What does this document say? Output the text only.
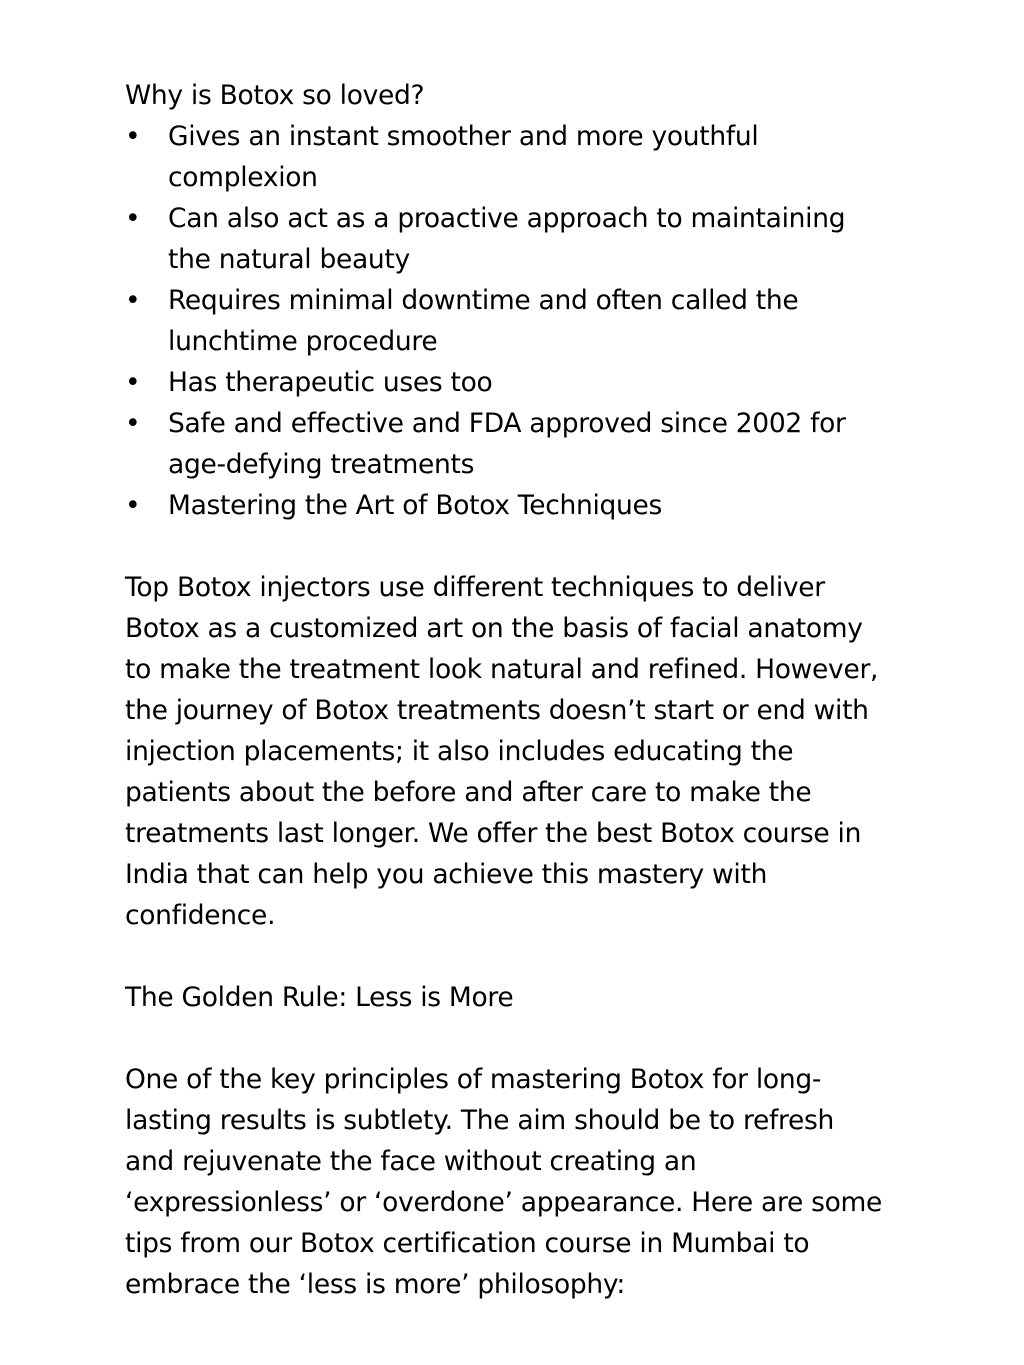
Why is Botox so loved?

• Gives an instant smoother and more youthful complexion
• Can also act as a proactive approach to maintaining the natural beauty
• Requires minimal downtime and often called the lunchtime procedure
• Has therapeutic uses too
• Safe and effective and FDA approved since 2002 for age-defying treatments
• Mastering the Art of Botox Techniques

Top Botox injectors use different techniques to deliver Botox as a customized art on the basis of facial anatomy to make the treatment look natural and refined. However, the journey of Botox treatments doesn’t start or end with injection placements; it also includes educating the patients about the before and after care to make the treatments last longer. We offer the best Botox course in India that can help you achieve this mastery with confidence.

The Golden Rule: Less is More

One of the key principles of mastering Botox for long-lasting results is subtlety. The aim should be to refresh and rejuvenate the face without creating an ‘expressionless’ or ‘overdone’ appearance. Here are some tips from our Botox certification course in Mumbai to embrace the ‘less is more’ philosophy:
